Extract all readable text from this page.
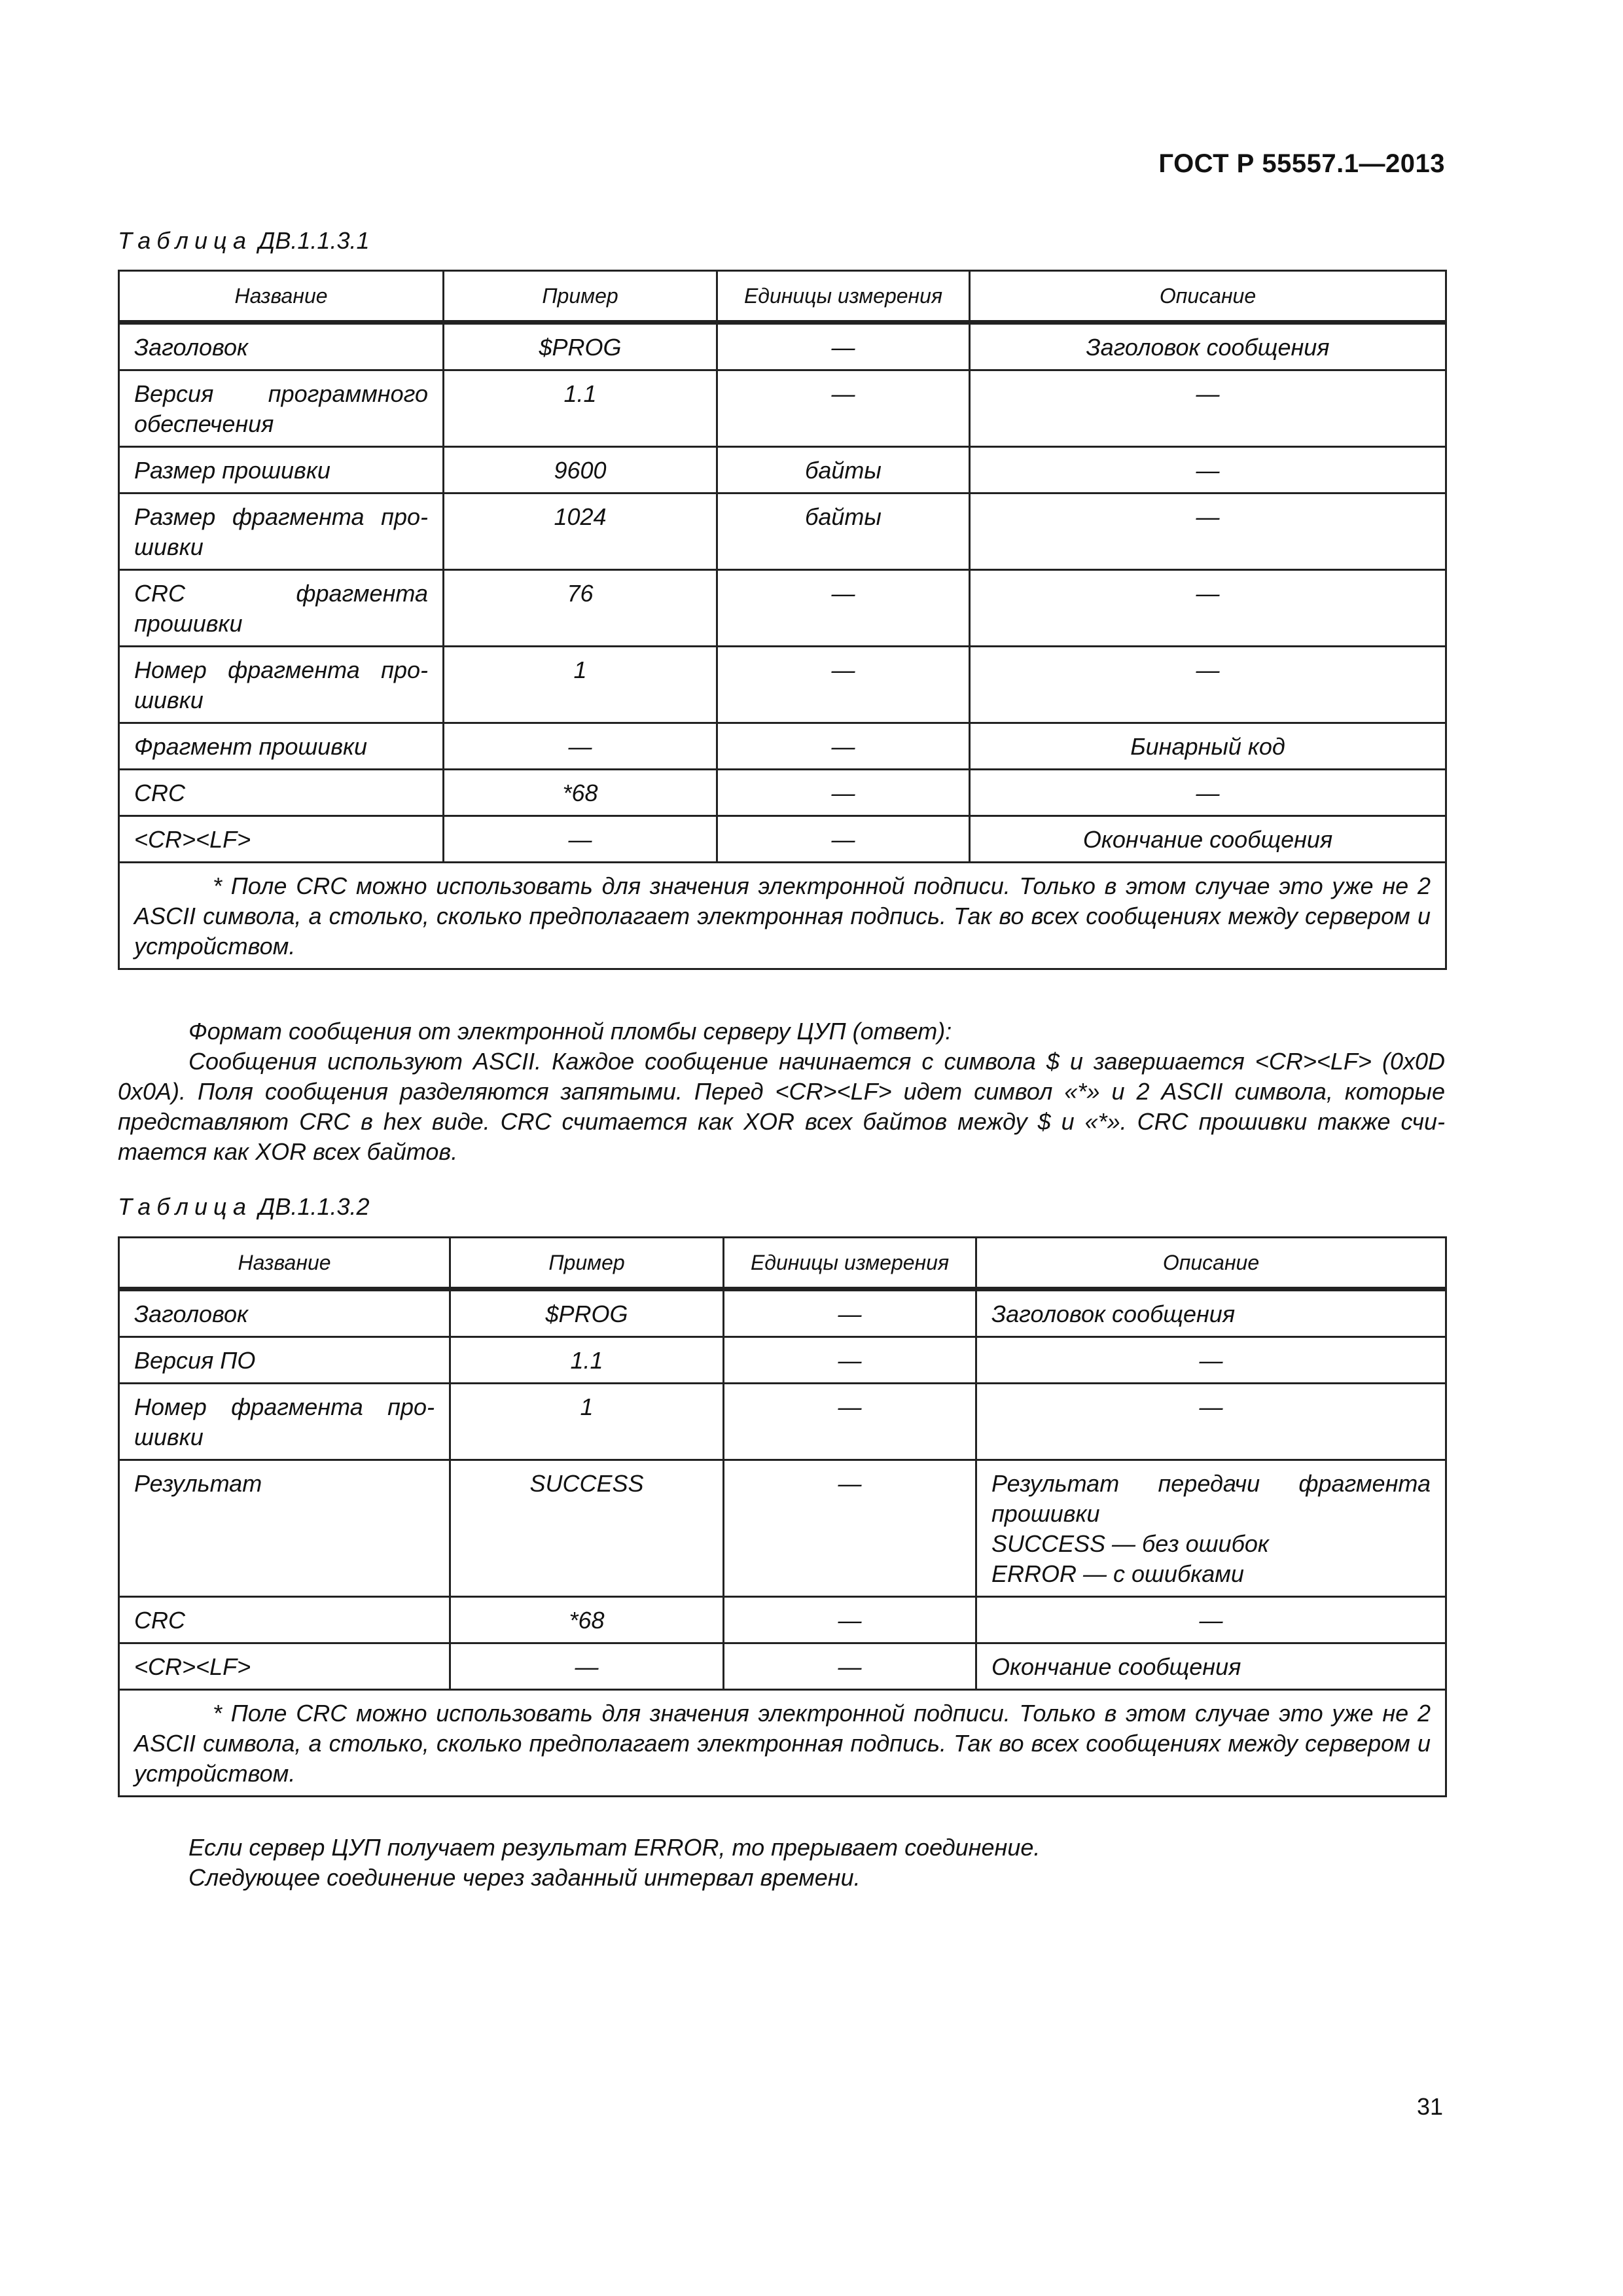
ГОСТ Р 55557.1—2013
Таблица ДВ.1.1.3.1
Название	Пример	Единицы измерения	Описание
Заголовок	$PROG	—	Заголовок сообщения
Версия программного обеспечения	1.1	—	—
Размер прошивки	9600	байты	—
Размер фрагмента про-шивки	1024	байты	—
CRC фрагмента прошивки	76	—	—
Номер фрагмента про-шивки	1	—	—
Фрагмент прошивки	—	—	Бинарный код
CRC	*68	—	—
<CR><LF>	—	—	Окончание сообщения
* Поле CRC можно использовать для значения электронной подписи. Только в этом случае это уже не 2 ASCII символа, а столько, сколько предполагает электронная подпись. Так во всех сообщениях между сервером и устройством.			

Формат сообщения от электронной пломбы серверу ЦУП (ответ):

Сообщения используют ASCII. Каждое сообщение начинается с символа $ и завершается <CR><LF> (0x0D 0x0A). Поля сообщения разделяются запятыми. Перед <CR><LF> идет символ «*» и 2 ASCII символа, которые представляют CRC в hex виде. CRC считается как XOR всех байтов между $ и «*». CRC прошивки также счи-тается как XOR всех байтов.

Таблица ДВ.1.1.3.2
Название	Пример	Единицы измерения	Описание
Заголовок	$PROG	—	Заголовок сообщения
Версия ПО	1.1	—	—
Номер фрагмента про-шивки	1	—	—
Результат	SUCCESS	—	Результат передачи фрагмента прошивки
SUCCESS — без ошибок
ERROR — с ошибками

CRC	*68	—	—
<CR><LF>	—	—	Окончание сообщения
* Поле CRC можно использовать для значения электронной подписи. Только в этом случае это уже не 2 ASCII символа, а столько, сколько предполагает электронная подпись. Так во всех сообщениях между сервером и устройством.			

Если сервер ЦУП получает результат ERROR, то прерывает соединение.

Следующее соединение через заданный интервал времени.

31
